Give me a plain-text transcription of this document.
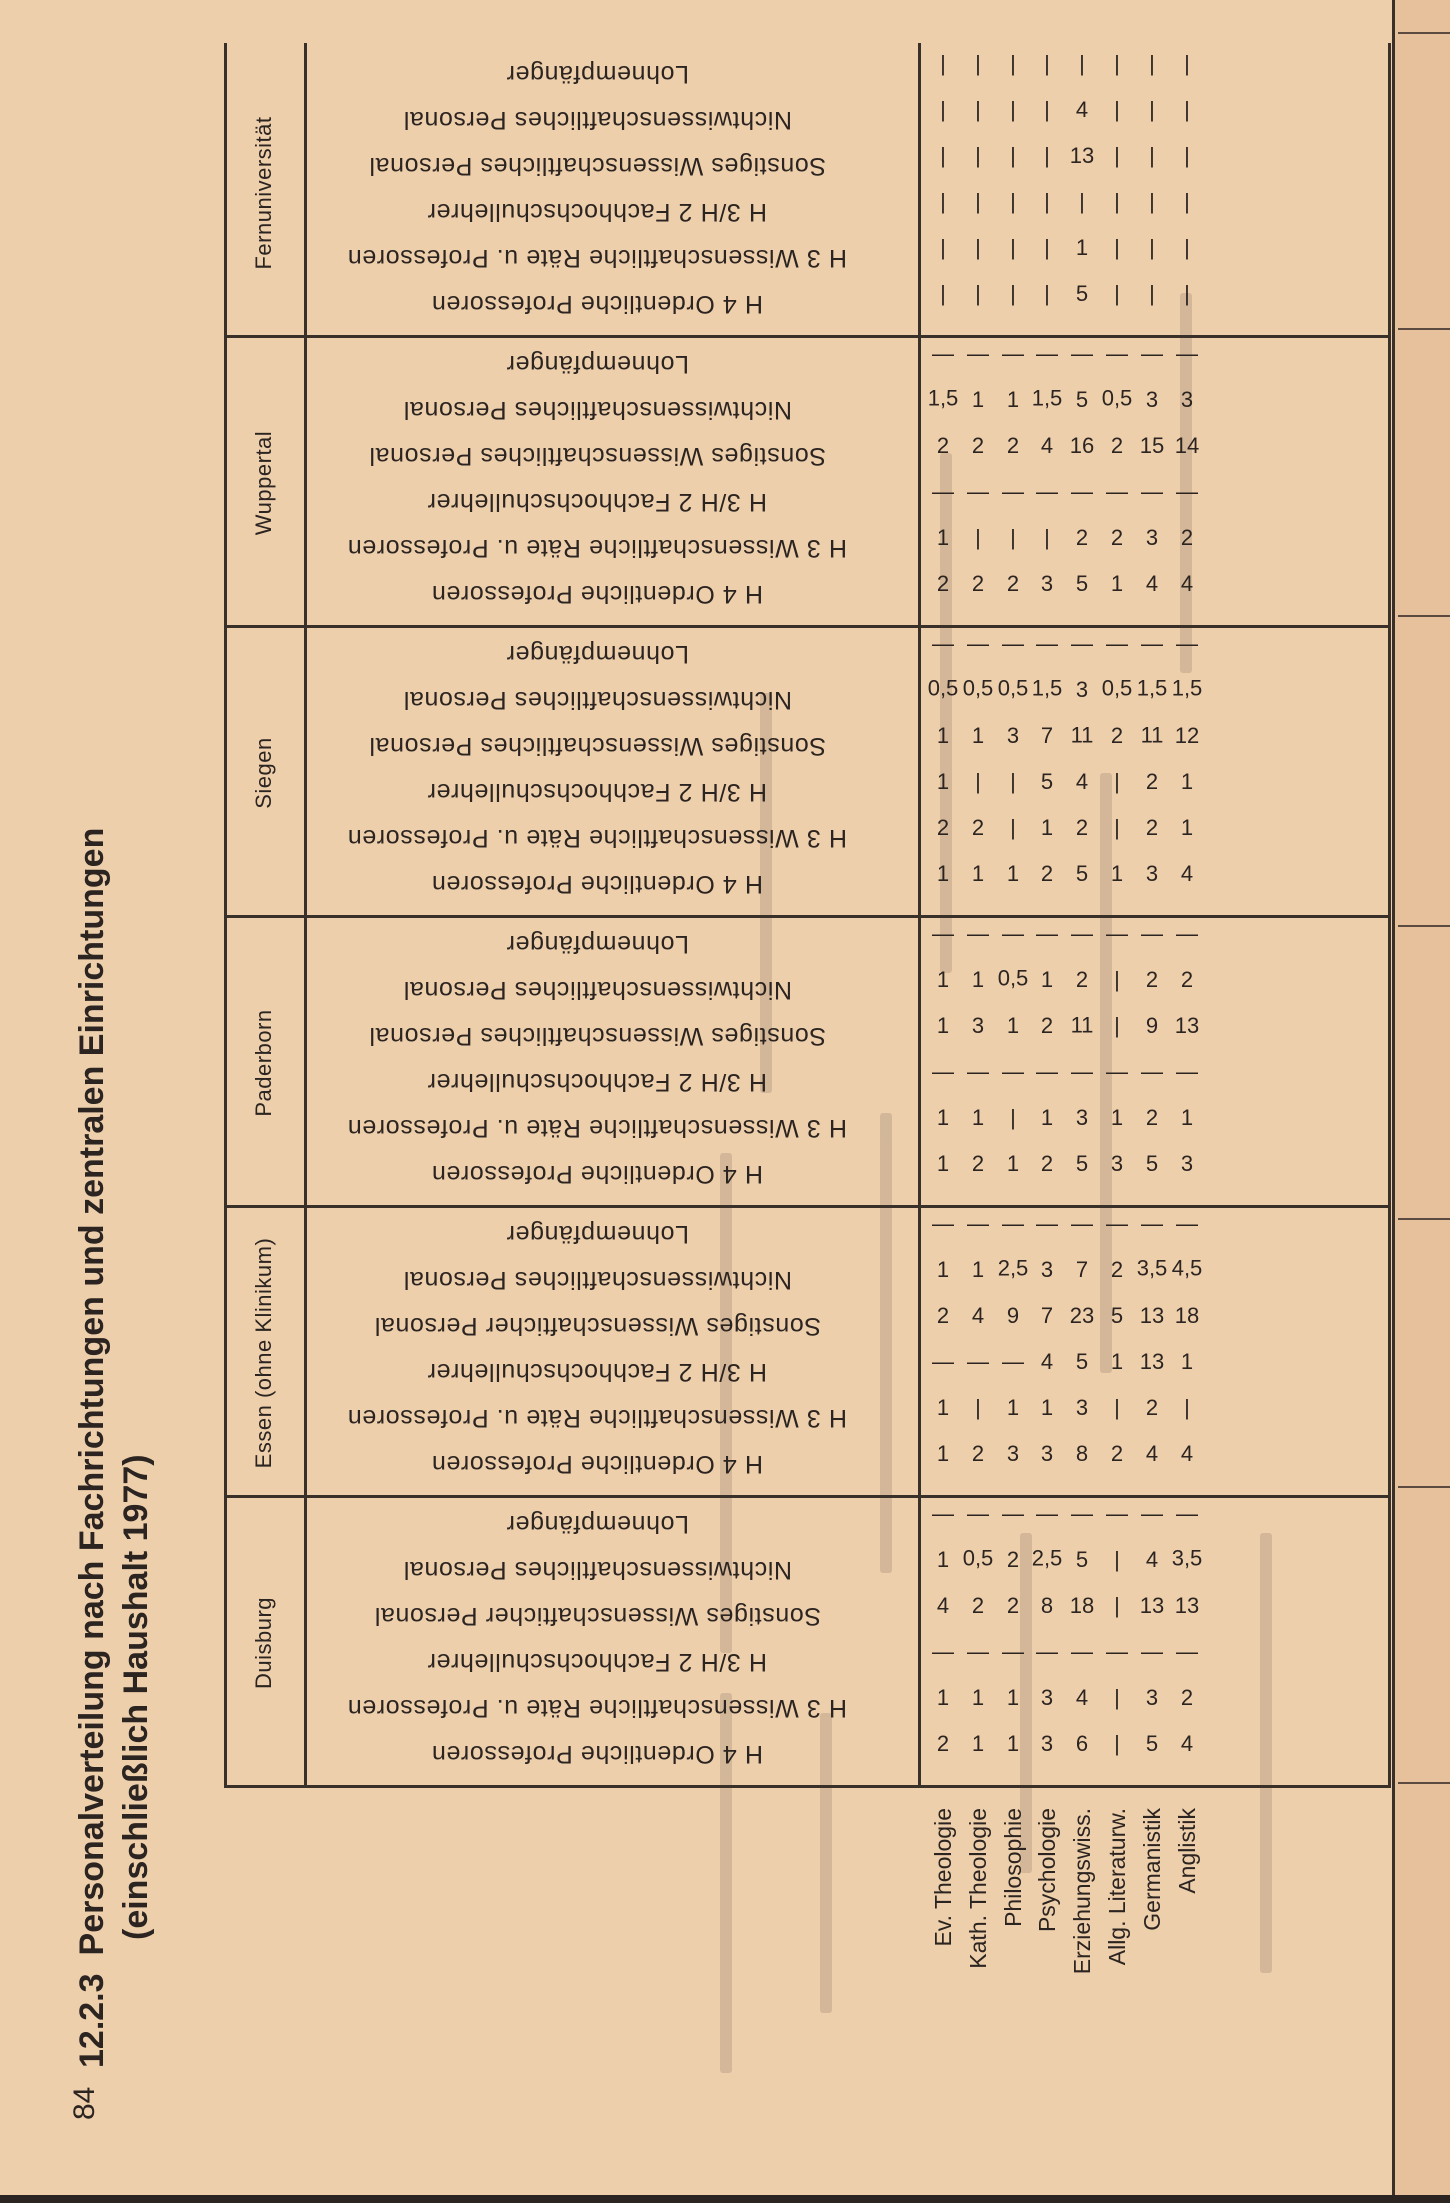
84
12.2.3Personalverteilung nach Fachrichtungen und zentralen Einrichtungen (einschließlich Haushalt 1977)	Duisburg
H 4 Ordentliche Professoren	2	1	1	3	6	|	5	4
H 3 Wissenschaftliche Räte u. Professoren	1	1	1	3	4	|	3	2
H 3/H 2 Fachhochschullehrer	— — — — — — — —
Sonstiges Wissenschafticher Personal	4	2	2	8 18 | 13 13
Nichtwissenschaftliches Personal	1 0,5 2 2,5 5	|	4 3,5
Lohnempfänger	— — — — — — — —
Essen (ohne Klinikum)	H 4 Ordentliche Professoren	1	2	3	3	8	2	4	4
H 3 Wissenschaftliche Räte u. Professoren	1	|	1	1	3	|	2	|
H 3/H 2 Fachhochschullehrer	— — — 4	5	1 13 1
Sonstiges Wissenschafticher Personal	2	4	9	7 23 5 13 18
Nichtwissenschaftliches Personal	1	1 2,5 3	7	2 3,5 4,5
Lohnempfänger	— — — — — — — —
Paderborn
H 4 Ordentliche Professoren	1	2	1	2	5	3	5	3
H 3 Wissenschaftliche Räte u. Professoren	1	1	|	1	3	1	2	1
H 3/H 2 Fachhochschullehrer	— — — — — — — —
Sonstiges Wissenschaftliches Personal	1	3	1	2 11 |	9 13
Nichtwissenschaftliches Personal	1	1 0,5 1	2	|	2	2
Lohnempfänger	— — — — — — — —
Siegen
H 4 Ordentliche Professoren	1	1	1	2	5	1	3	4
H 3 Wissenschaftliche Räte u. Professoren	2	2	|	1	2	|	2	1
H 3/H 2 Fachhochschullehrer	1	|	|	5	4	|	2	1
Sonstiges Wissenschaftliches Personal	1	1	3	7 11 2 11 12
Nichtwissenschaftliches Personal	0,5 0,5 0,5 1,5 3 0,5 1,5 1,5
Lohnempfänger	— — — — — — — —
Wuppertal
H 4 Ordentliche Professoren	2	2	2	3	5	1	4	4
H 3 Wissenschaftliche Räte u. Professoren	1	|	|	|	2	2	3	2
H 3/H 2 Fachhochschullehrer	— — — — — — — —
Sonstiges Wissenschaftliches Personal	2	2	2	4 16 2 15 14
Nichtwissenschaftliches Personal	1,5 1	1 1,5 5 0,5 3	3
Lohnempfänger	— — — — — — — —
Fernuniversität
H 4 Ordentliche Professoren	|	|	|	|	5	|	|	|
H 3 Wissenschaftliche Räte u. Professoren	|	|	|	|	1	|	|	|
H 3/H 2 Fachhochschullehrer	|	|	|	|	|	|	|	|
Sonstiges Wissenschaftliches Personal	|	|	|	| 13 |	|	|
Nichtwissenschaftliches Personal	|	|	|	|	4	|	|	|
Lohnempfänger	|	|	|	|	|	|	|	|
Ev. Theologie Kath. Theologie Philosophie Psychologie Erziehungswiss. Allg. Literaturw. Germanistik Anglistik
